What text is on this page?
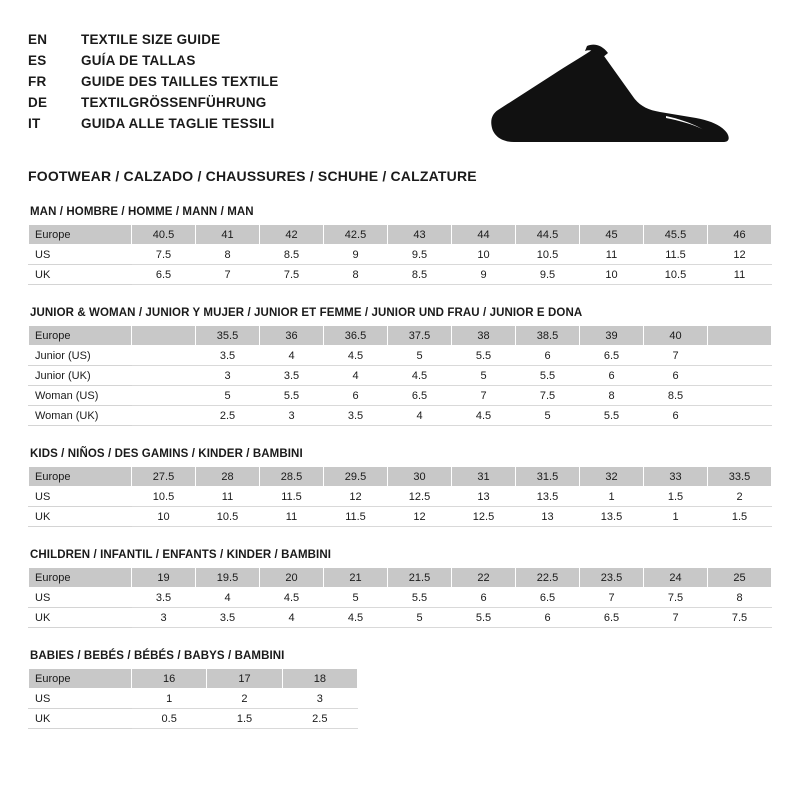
EN	TEXTILE SIZE GUIDE
ES	GUÍA DE TALLAS
FR	GUIDE DES TAILLES TEXTILE
DE	TEXTILGRÖSSENFÜHRUNG
IT	GUIDA ALLE TAGLIE TESSILI
FOOTWEAR / CALZADO / CHAUSSURES / SCHUHE / CALZATURE
MAN / HOMBRE / HOMME / MANN / MAN
Europe	40.5	41	42	42.5	43	44	44.5	45	45.5	46
US	7.5	8	8.5	9	9.5	10	10.5	11	11.5	12
UK	6.5	7	7.5	8	8.5	9	9.5	10	10.5	11
JUNIOR & WOMAN / JUNIOR Y MUJER / JUNIOR ET FEMME / JUNIOR UND FRAU / JUNIOR E DONA
Europe		35.5	36	36.5	37.5	38	38.5	39	40	
Junior (US)		3.5	4	4.5	5	5.5	6	6.5	7	
Junior (UK)		3	3.5	4	4.5	5	5.5	6	6	
Woman (US)		5	5.5	6	6.5	7	7.5	8	8.5	
Woman (UK)		2.5	3	3.5	4	4.5	5	5.5	6	
KIDS / NIÑOS / DES GAMINS / KINDER / BAMBINI
Europe	27.5	28	28.5	29.5	30	31	31.5	32	33	33.5
US	10.5	11	11.5	12	12.5	13	13.5	1	1.5	2
UK	10	10.5	11	11.5	12	12.5	13	13.5	1	1.5
CHILDREN / INFANTIL / ENFANTS / KINDER / BAMBINI
Europe	19	19.5	20	21	21.5	22	22.5	23.5	24	25
US	3.5	4	4.5	5	5.5	6	6.5	7	7.5	8
UK	3	3.5	4	4.5	5	5.5	6	6.5	7	7.5
BABIES / BEBÉS / BÉBÉS / BABYS / BAMBINI
Europe	16	17	18
US	1	2	3
UK	0.5	1.5	2.5
